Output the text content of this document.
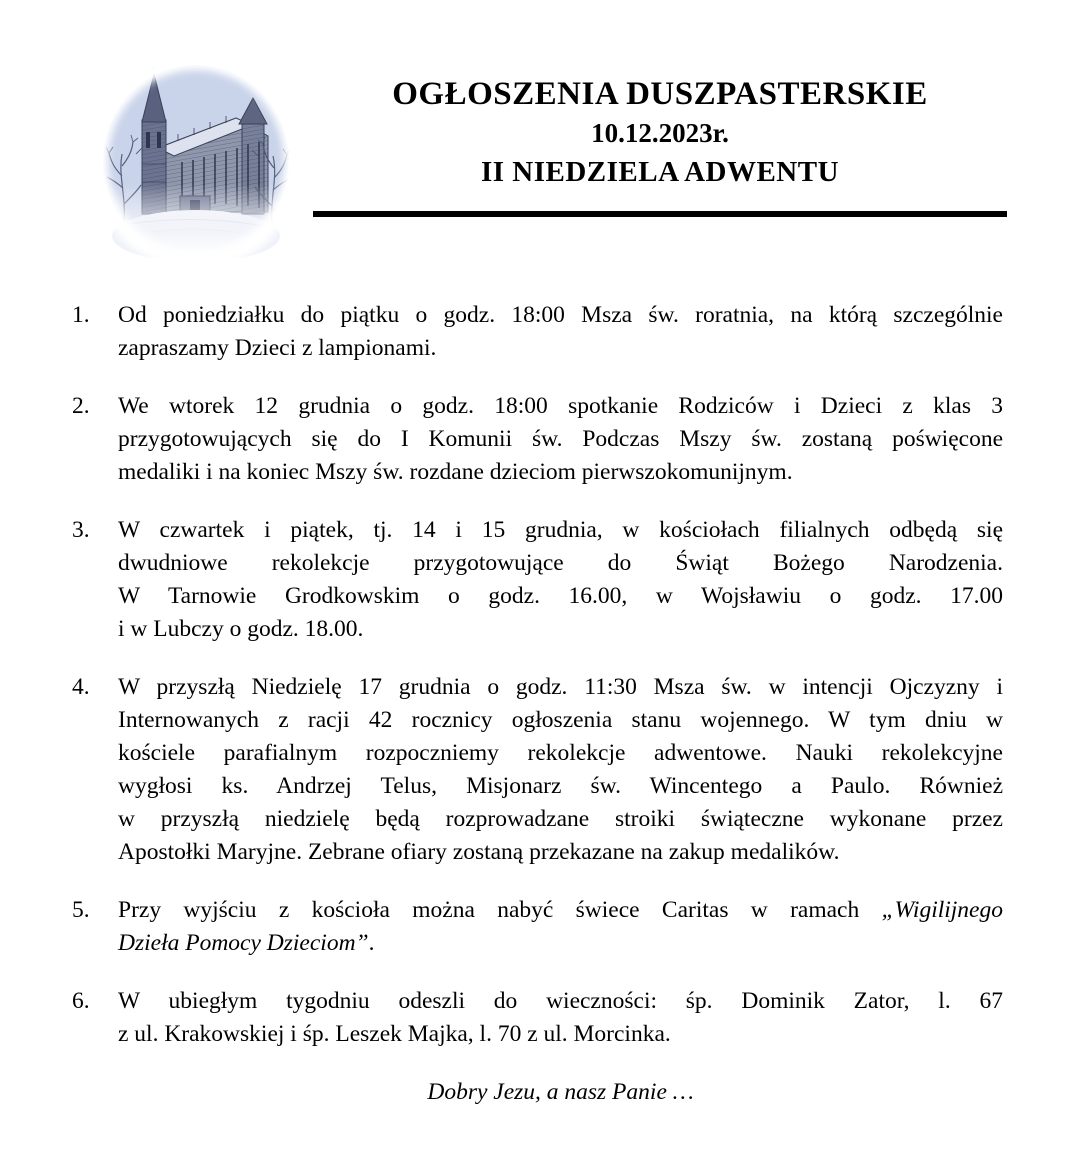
OGŁOSZENIA DUSZPASTERSKIE
10.12.2023r.
II NIEDZIELA ADWENTU
1.	Od poniedziałku do piątku o godz. 18:00 Msza św. roratnia, na którą szczególnie
zapraszamy Dzieci z lampionami.
2.	We wtorek 12 grudnia o godz. 18:00 spotkanie Rodziców i Dzieci z klas 3
przygotowujących się do I Komunii św. Podczas Mszy św. zostaną poświęcone
medaliki i na koniec Mszy św. rozdane dzieciom pierwszokomunijnym.
3.	W czwartek i piątek, tj. 14 i 15 grudnia, w kościołach filialnych odbędą się
dwudniowe rekolekcje przygotowujące do Świąt Bożego Narodzenia.
W Tarnowie Grodkowskim o godz. 16.00, w Wojsławiu o godz. 17.00
i w Lubczy o godz. 18.00.
4.	W przyszłą Niedzielę 17 grudnia o godz. 11:30 Msza św. w intencji Ojczyzny i
Internowanych z racji 42 rocznicy ogłoszenia stanu wojennego. W tym dniu w
kościele parafialnym rozpoczniemy rekolekcje adwentowe. Nauki rekolekcyjne
wygłosi ks. Andrzej Telus, Misjonarz św. Wincentego a Paulo. Również
w przyszłą niedzielę będą rozprowadzane stroiki świąteczne wykonane przez
Apostołki Maryjne. Zebrane ofiary zostaną przekazane na zakup medalików.
5.	Przy wyjściu z kościoła można nabyć świece Caritas w ramach „Wigilijnego
Dzieła Pomocy Dzieciom”.
6.	W ubiegłym tygodniu odeszli do wieczności: śp. Dominik Zator, l. 67
z ul. Krakowskiej i śp. Leszek Majka, l. 70 z ul. Morcinka.
Dobry Jezu, a nasz Panie …
